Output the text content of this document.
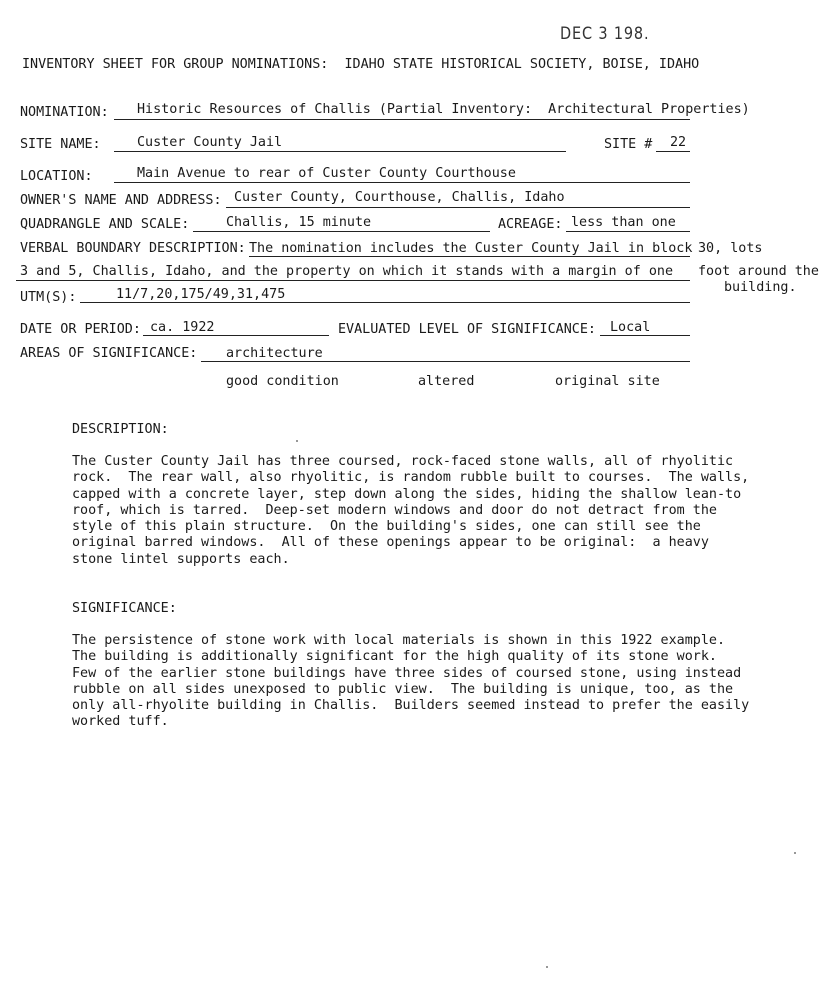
DEC 3 198.
INVENTORY SHEET FOR GROUP NOMINATIONS:  IDAHO STATE HISTORICAL SOCIETY, BOISE, IDAHO
NOMINATION: Historic Resources of Challis (Partial Inventory:  Architectural Properties)
SITE NAME:	Custer County Jail	SITE # 22
LOCATION:	Main Avenue to rear of Custer County Courthouse
OWNER'S NAME AND ADDRESS: Custer County, Courthouse, Challis, Idaho
QUADRANGLE AND SCALE:	Challis, 15 minute	ACREAGE: less than one
VERBAL BOUNDARY DESCRIPTION: The nomination includes the Custer County Jail in block 30, lots
3 and 5, Challis, Idaho, and the property on which it stands with a margin of one foot around the
building.
UTM(S):	11/7,20,175/49,31,475
DATE OR PERIOD: ca. 1922	EVALUATED LEVEL OF SIGNIFICANCE: Local
AREAS OF SIGNIFICANCE: architecture
good condition	altered	original site
DESCRIPTION:
The Custer County Jail has three coursed, rock-faced stone walls, all of rhyolitic
rock.  The rear wall, also rhyolitic, is random rubble built to courses.  The walls,
capped with a concrete layer, step down along the sides, hiding the shallow lean-to
roof, which is tarred.  Deep-set modern windows and door do not detract from the
style of this plain structure.  On the building's sides, one can still see the
original barred windows.  All of these openings appear to be original:  a heavy
stone lintel supports each.
SIGNIFICANCE:
The persistence of stone work with local materials is shown in this 1922 example.
The building is additionally significant for the high quality of its stone work.
Few of the earlier stone buildings have three sides of coursed stone, using instead
rubble on all sides unexposed to public view.  The building is unique, too, as the
only all-rhyolite building in Challis.  Builders seemed instead to prefer the easily
worked tuff.
